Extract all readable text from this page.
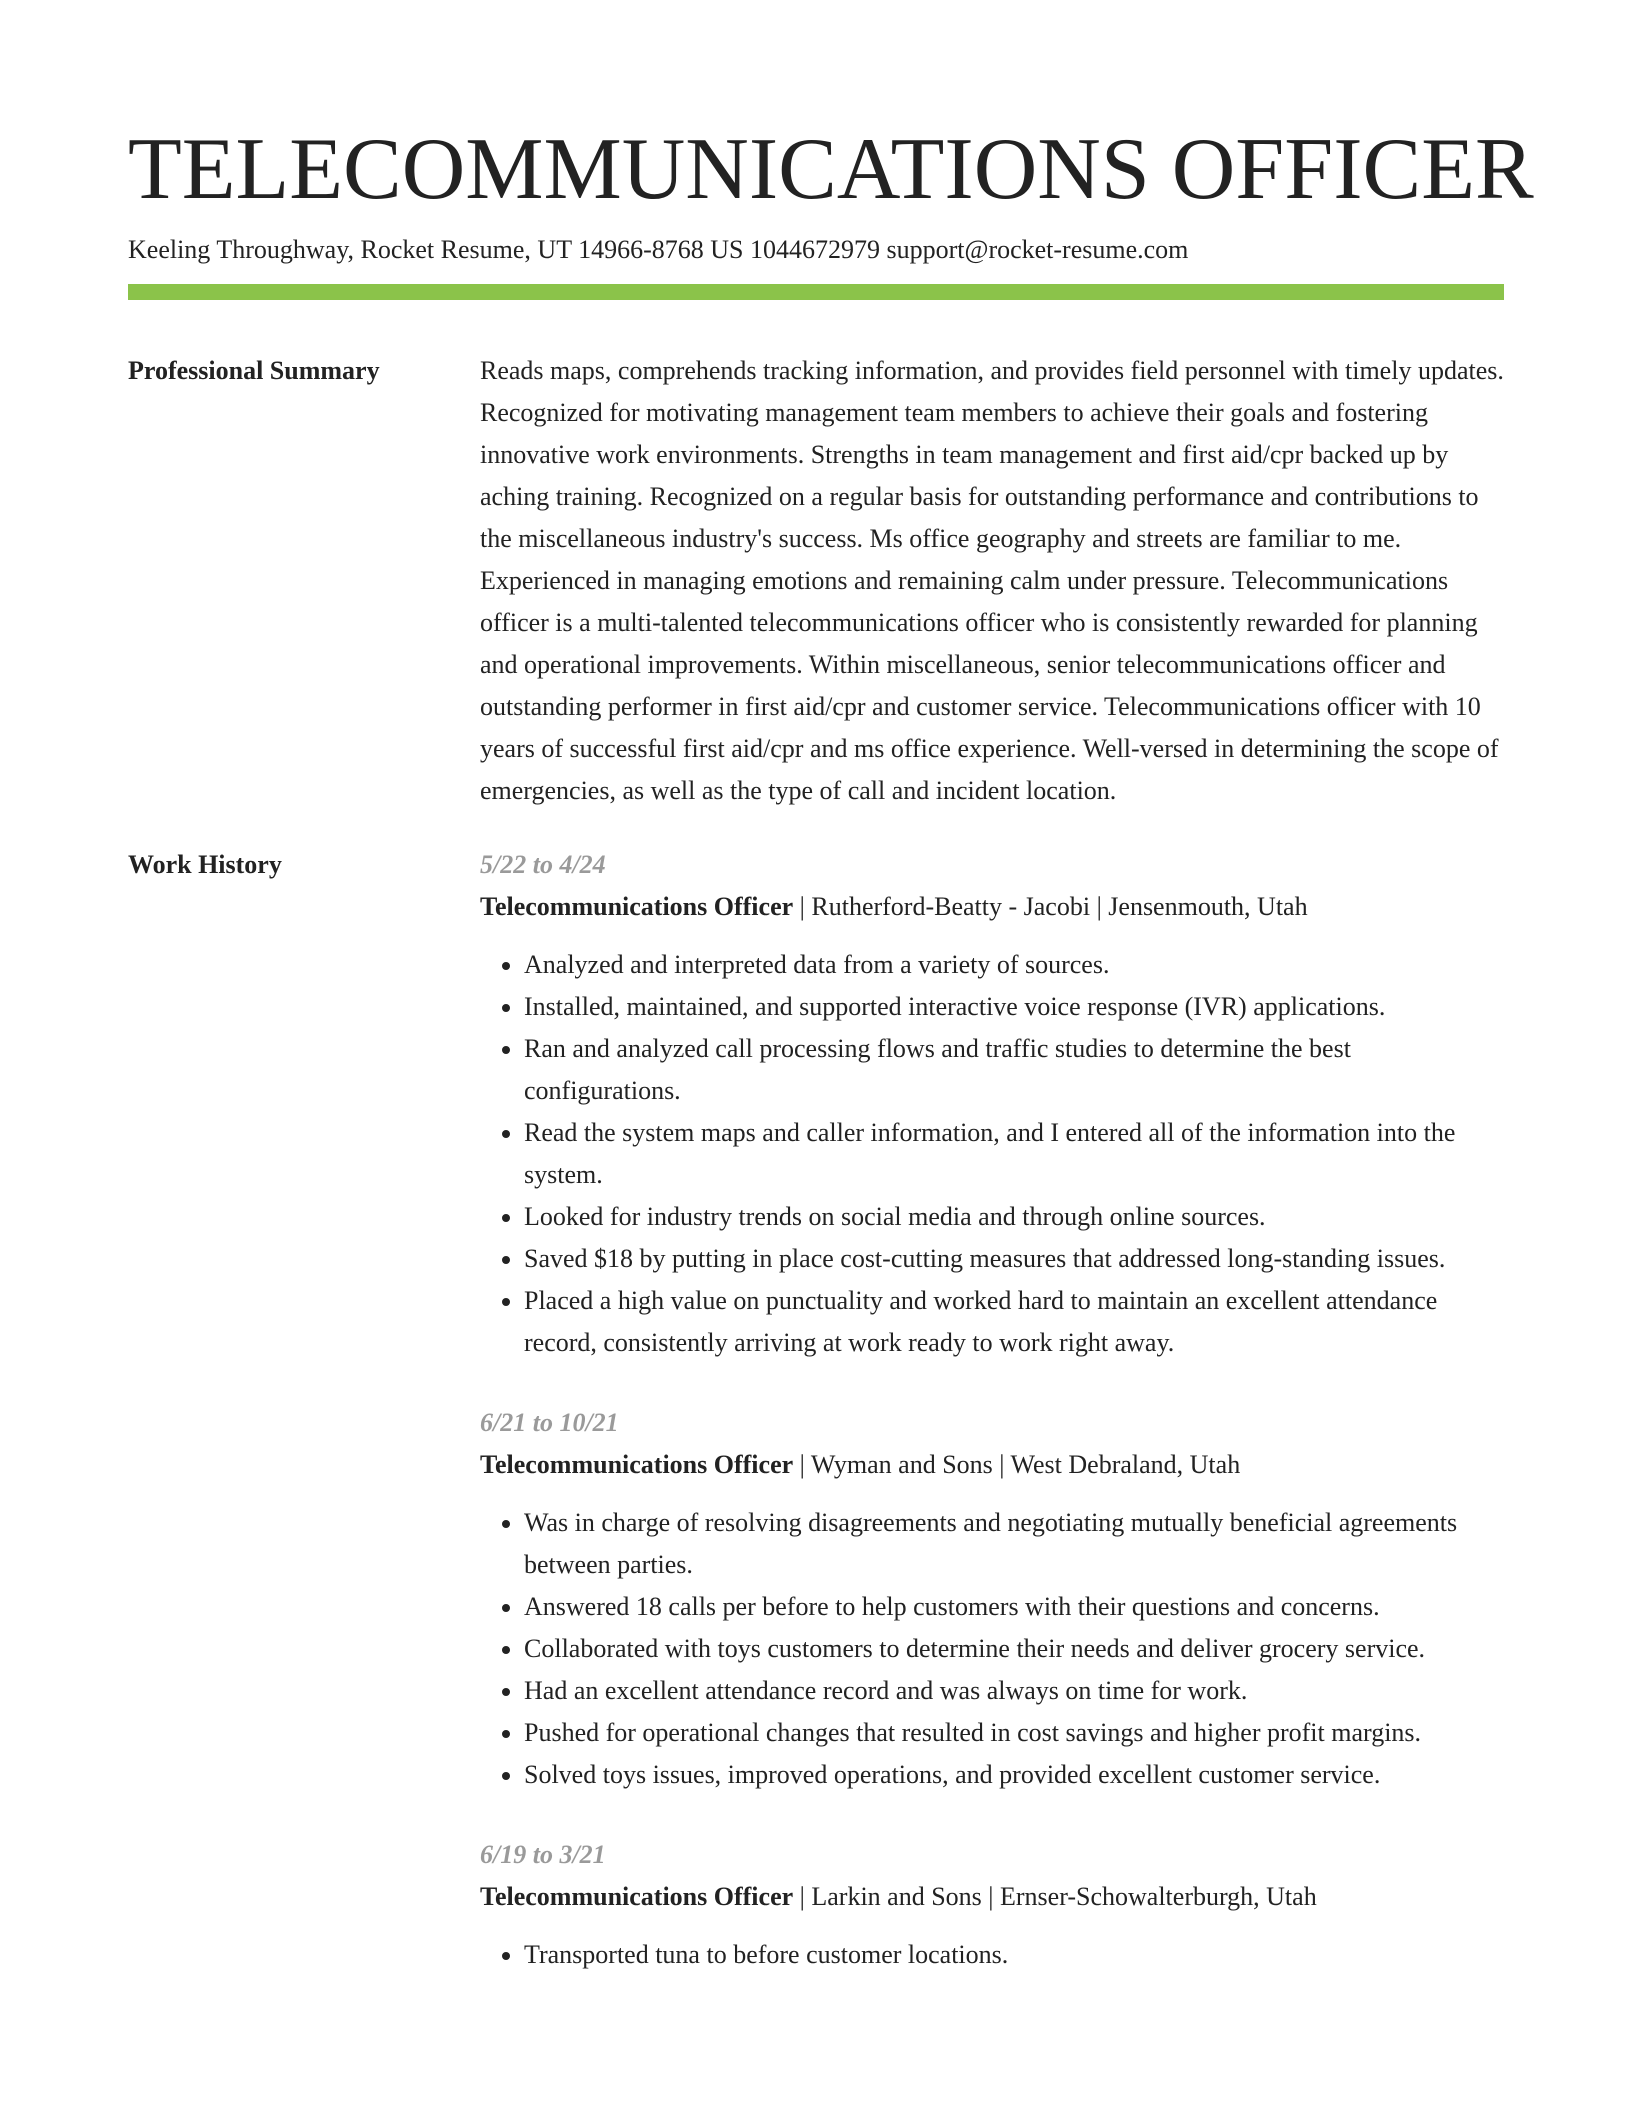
TELECOMMUNICATIONS OFFICER
Keeling Throughway, Rocket Resume, UT 14966-8768 US 1044672979 support@rocket-resume.com
Professional Summary	Reads maps, comprehends tracking information, and provides field personnel with timely updates. Recognized for motivating management team members to achieve their goals and fostering innovative work environments. Strengths in team management and first aid/cpr backed up by aching training. Recognized on a regular basis for outstanding performance and contributions to the miscellaneous industry's success. Ms office geography and streets are familiar to me. Experienced in managing emotions and remaining calm under pressure. Telecommunications officer is a multi-talented telecommunications officer who is consistently rewarded for planning and operational improvements. Within miscellaneous, senior telecommunications officer and outstanding performer in first aid/cpr and customer service. Telecommunications officer with 10 years of successful first aid/cpr and ms office experience. Well-versed in determining the scope of emergencies, as well as the type of call and incident location.

Work History	5/22 to 4/24
Telecommunications Officer | Rutherford-Beatty - Jacobi | Jensenmouth, Utah
• Analyzed and interpreted data from a variety of sources.
• Installed, maintained, and supported interactive voice response (IVR) applications.
• Ran and analyzed call processing flows and traffic studies to determine the best configurations.
• Read the system maps and caller information, and I entered all of the information into the system.
• Looked for industry trends on social media and through online sources.
• Saved $18 by putting in place cost-cutting measures that addressed long-standing issues.
• Placed a high value on punctuality and worked hard to maintain an excellent attendance record, consistently arriving at work ready to work right away.
6/21 to 10/21
Telecommunications Officer | Wyman and Sons | West Debraland, Utah
• Was in charge of resolving disagreements and negotiating mutually beneficial agreements between parties.
• Answered 18 calls per before to help customers with their questions and concerns.
• Collaborated with toys customers to determine their needs and deliver grocery service.
• Had an excellent attendance record and was always on time for work.
• Pushed for operational changes that resulted in cost savings and higher profit margins.
• Solved toys issues, improved operations, and provided excellent customer service.
6/19 to 3/21
Telecommunications Officer | Larkin and Sons | Ernser-Schowalterburgh, Utah
• Transported tuna to before customer locations.
